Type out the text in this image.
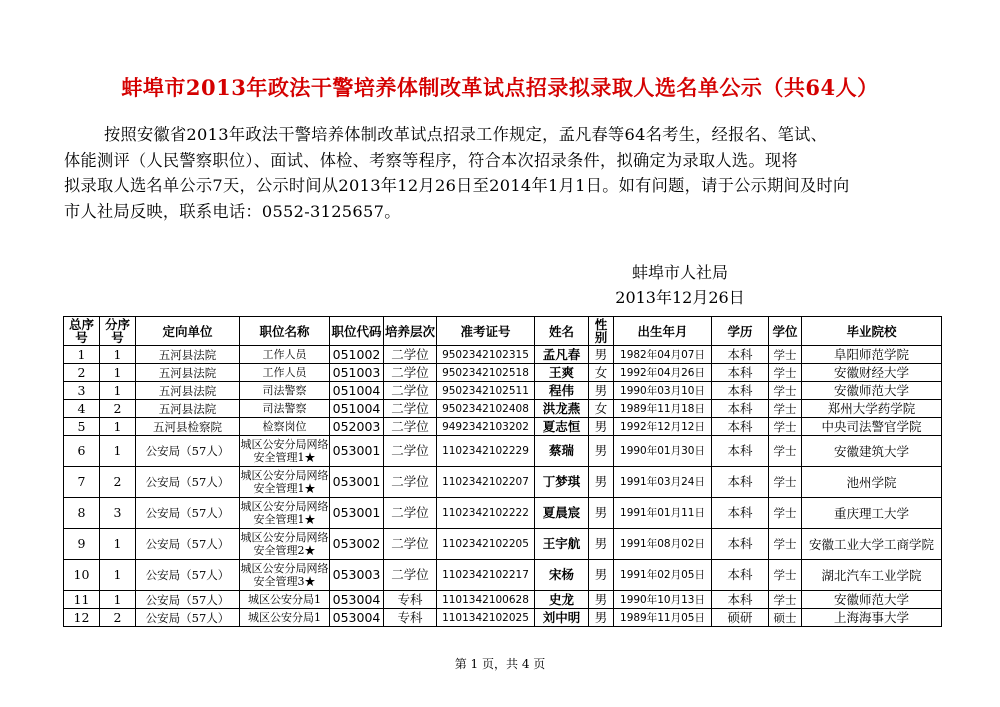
蚌埠市2013年政法干警培养体制改革试点招录拟录取人选名单公示（共64人）
按照安徽省2013年政法干警培养体制改革试点招录工作规定，孟凡春等64名考生，经报名、笔试、
体能测评（人民警察职位）、面试、体检、考察等程序，符合本次招录条件，拟确定为录取人选。现将
拟录取人选名单公示7天，公示时间从2013年12月26日至2014年1月1日。如有问题，请于公示期间及时向
市人社局反映，联系电话：0552-3125657。
蚌埠市人社局
2013年12月26日
总序号	分序号	定向单位	职位名称	职位代码	培养层次	准考证号	姓名	性别	出生年月	学历	学位	毕业院校
1	1	五河县法院	工作人员	051002	二学位	9502342102315	孟凡春	男	1982年04月07日	本科	学士	阜阳师范学院
2	1	五河县法院	工作人员	051003	二学位	9502342102518	王爽	女	1992年04月26日	本科	学士	安徽财经大学
3	1	五河县法院	司法警察	051004	二学位	9502342102511	程伟	男	1990年03月10日	本科	学士	安徽师范大学
4	2	五河县法院	司法警察	051004	二学位	9502342102408	洪龙燕	女	1989年11月18日	本科	学士	郑州大学药学院
5	1	五河县检察院	检察岗位	052003	二学位	9492342103202	夏志恒	男	1992年12月12日	本科	学士	中央司法警官学院
6	1	公安局（57人）	城区公安分局网络安全管理1★	053001	二学位	1102342102229	蔡瑞	男	1990年01月30日	本科	学士	安徽建筑大学
7	2	公安局（57人）	城区公安分局网络安全管理1★	053001	二学位	1102342102207	丁梦琪	男	1991年03月24日	本科	学士	池州学院
8	3	公安局（57人）	城区公安分局网络安全管理1★	053001	二学位	1102342102222	夏晨宸	男	1991年01月11日	本科	学士	重庆理工大学
9	1	公安局（57人）	城区公安分局网络安全管理2★	053002	二学位	1102342102205	王宇航	男	1991年08月02日	本科	学士	安徽工业大学工商学院
10	1	公安局（57人）	城区公安分局网络安全管理3★	053003	二学位	1102342102217	宋杨	男	1991年02月05日	本科	学士	湖北汽车工业学院
11	1	公安局（57人）	城区公安分局1	053004	专科	1101342100628	史龙	男	1990年10月13日	本科	学士	安徽师范大学
12	2	公安局（57人）	城区公安分局1	053004	专科	1101342102025	刘中明	男	1989年11月05日	硕研	硕士	上海海事大学
第 1 页，共 4 页
